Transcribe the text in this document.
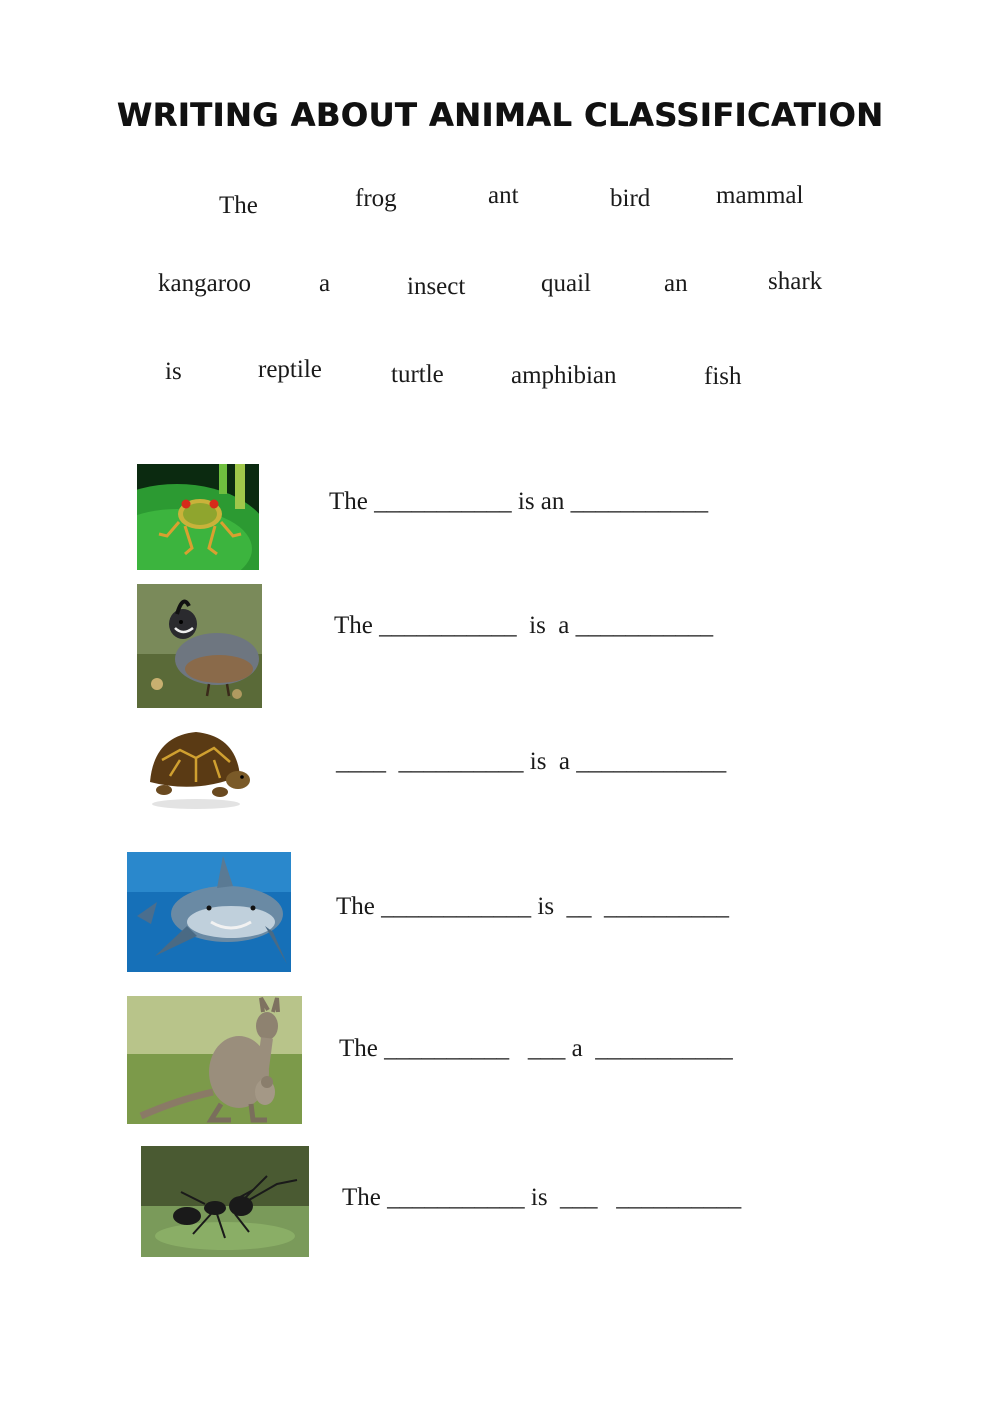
WRITING ABOUT ANIMAL CLASSIFICATION
The	frog	ant	bird	mammal
kangaroo	a	insect	quail	an	shark
is	reptile	turtle	amphibian	fish
The ___________ is an ___________
The ___________  is  a ___________
____  __________ is  a ____________
The ____________ is  __  __________
The __________   ___ a  ___________
The ___________ is  ___   __________
